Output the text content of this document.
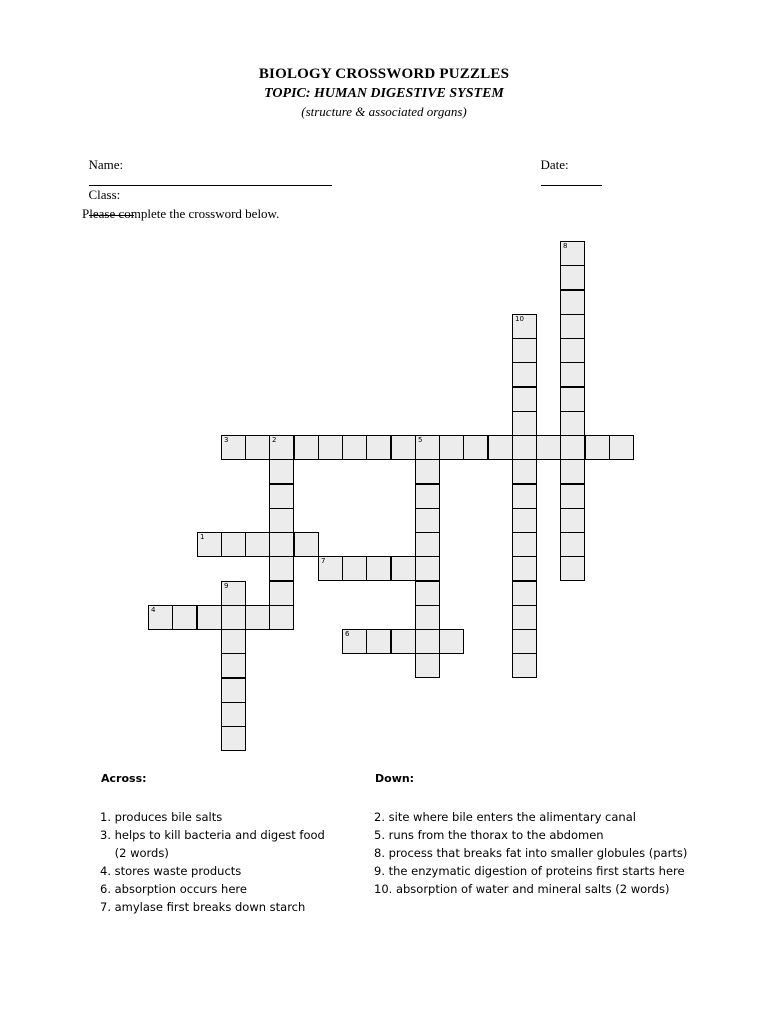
BIOLOGY CROSSWORD PUZZLES
TOPIC: HUMAN DIGESTIVE SYSTEM
(structure & associated organs)

Name:
	Date:

Class:

Please complete the crossword below.
1
2
3	5
4
6
7
8
9
10
Across:	Down:
1. produces bile salts
3. helps to kill bacteria and digest food
(2 words)
4. stores waste products
6. absorption occurs here
7. amylase first breaks down starch
2. site where bile enters the alimentary canal
5. runs from the thorax to the abdomen
8. process that breaks fat into smaller globules (parts)
9. the enzymatic digestion of proteins first starts here
10. absorption of water and mineral salts (2 words)
